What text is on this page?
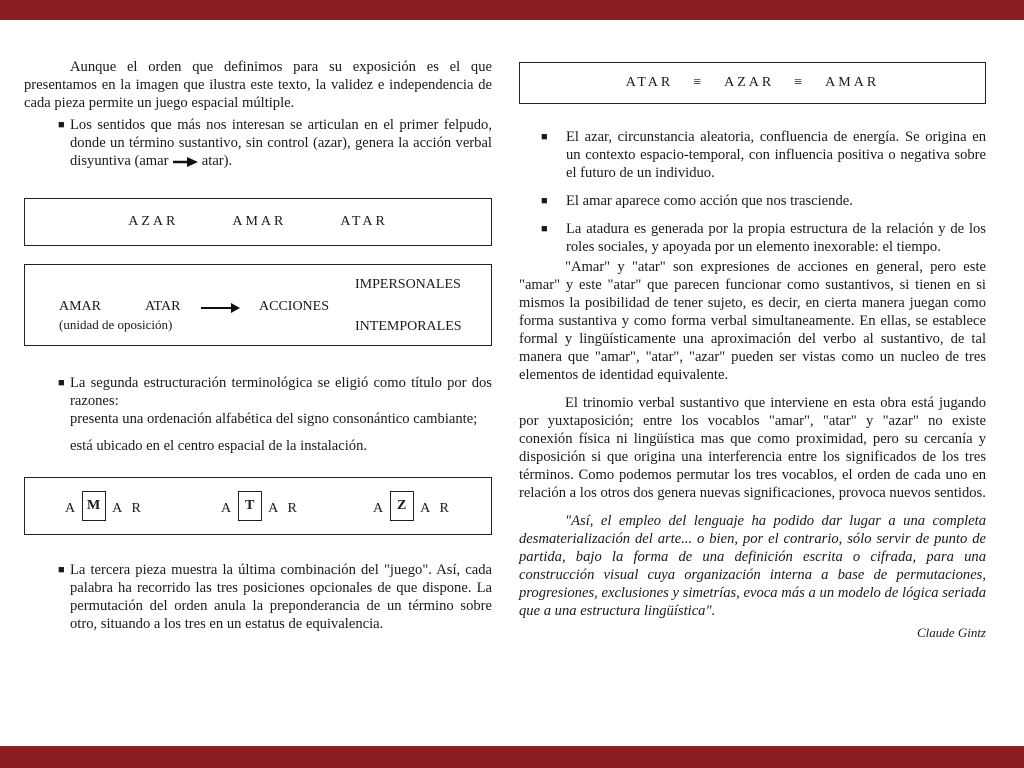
Aunque el orden que definimos para su exposición es el que presentamos en la imagen que ilustra este texto, la validez e independencia de cada pieza permite un juego espacial múltiple.

■ Los sentidos que más nos interesan se articulan en el primer felpudo, donde un término sustantivo, sin control (azar), genera la acción verbal disyuntiva (amar atar).
AZAR	AMAR	ATAR
AMAR	ATAR
(unidad de oposición)
ACCIONES
IMPERSONALES
INTEMPORALES
■ La segunda estructuración terminológica se eligió como título por dos razones:
presenta una ordenación alfabética del signo consonántico cambiante;
está ubicado en el centro espacial de la instalación.
A M A  R	A T A  R	A Z A  R
■ La tercera pieza muestra la última combinación del "juego". Así, cada palabra ha recorrido las tres posiciones opcionales de que dispone. La permutación del orden anula la preponderancia de un término sobre otro, situando a los tres en un estatus de equivalencia.
ATAR ≡ AZAR ≡ AMAR
■ El azar, circunstancia aleatoria, confluencia de energía. Se origina en un contexto espacio-temporal, con influencia positiva o negativa sobre el futuro de un individuo.
■ El amar aparece como acción que nos trasciende.
■ La atadura es generada por la propia estructura de la relación y de los roles sociales, y apoyada por un elemento inexorable: el tiempo.

"Amar" y "atar" son expresiones de acciones en general, pero este "amar" y este "atar" que parecen funcionar como sustantivos, si tienen en si mismos la posibilidad de tener sujeto, es decir, en cierta manera juegan como forma sustantiva y como forma verbal simultaneamente. En ellas, se establece formal y lingüísticamente una aproximación del verbo al sustantivo, de tal manera que "amar", "atar", "azar" pueden ser vistas como un nucleo de tres elementos de identidad equivalente.

El trinomio verbal sustantivo que interviene en esta obra está jugando por yuxtaposición; entre los vocablos "amar", "atar" y "azar" no existe conexión física ni lingüística mas que como proximidad, pero su cercanía y disposición si que origina una interferencia entre los significados de los tres términos. Como podemos permutar los tres vocablos, el orden de cada uno en relación a los otros dos genera nuevas significaciones, provoca nuevos sentidos.

"Así, el empleo del lenguaje ha podido dar lugar a una completa desmaterialización del arte... o bien, por el contrario, sólo servir de punto de partida, bajo la forma de una definición escrita o cifrada, para una construcción visual cuya organización interna a base de permutaciones, progresiones, exclusiones y simetrías, evoca más a un modelo de lógica seriada que a una estructura lingüística".

Claude Gintz
